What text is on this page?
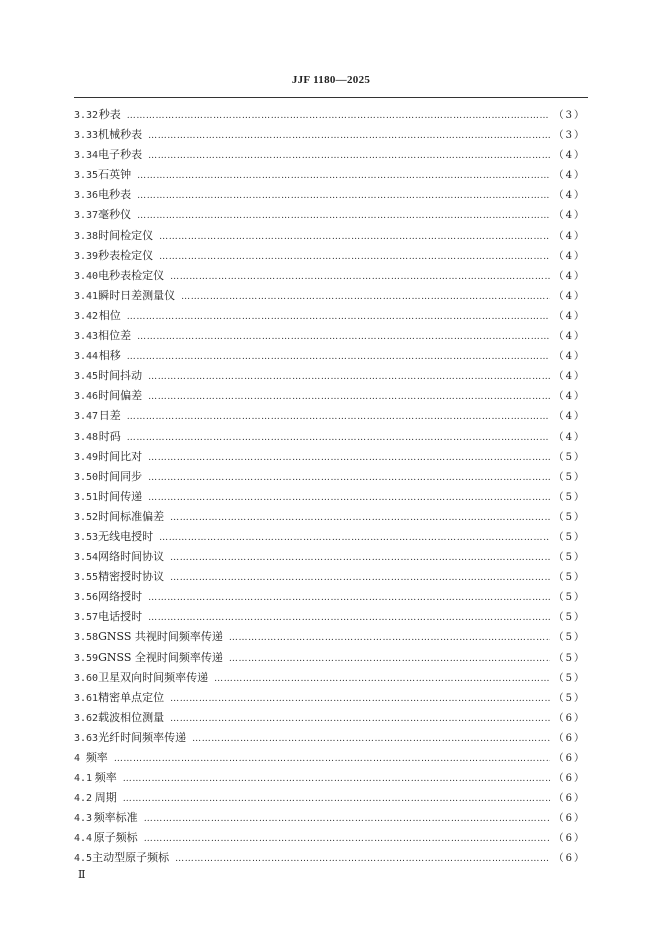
JJF 1180—2025
3.32 秒表 …………………………………………………………………………………………………………………………………………………………………………………………………	（3）
3.33 机械秒表 …………………………………………………………………………………………………………………………………………………………………………………………………	（3）
3.34 电子秒表 …………………………………………………………………………………………………………………………………………………………………………………………………	（4）
3.35 石英钟 …………………………………………………………………………………………………………………………………………………………………………………………………	（4）
3.36 电秒表 …………………………………………………………………………………………………………………………………………………………………………………………………	（4）
3.37 毫秒仪 …………………………………………………………………………………………………………………………………………………………………………………………………	（4）
3.38 时间检定仪 …………………………………………………………………………………………………………………………………………………………………………………………………	（4）
3.39 秒表检定仪 …………………………………………………………………………………………………………………………………………………………………………………………………	（4）
3.40 电秒表检定仪 …………………………………………………………………………………………………………………………………………………………………………………………………	（4）
3.41 瞬时日差测量仪 …………………………………………………………………………………………………………………………………………………………………………………………………	（4）
3.42 相位 …………………………………………………………………………………………………………………………………………………………………………………………………	（4）
3.43 相位差 …………………………………………………………………………………………………………………………………………………………………………………………………	（4）
3.44 相移 …………………………………………………………………………………………………………………………………………………………………………………………………	（4）
3.45 时间抖动 …………………………………………………………………………………………………………………………………………………………………………………………………	（4）
3.46 时间偏差 …………………………………………………………………………………………………………………………………………………………………………………………………	（4）
3.47 日差 …………………………………………………………………………………………………………………………………………………………………………………………………	（4）
3.48 时码 …………………………………………………………………………………………………………………………………………………………………………………………………	（4）
3.49 时间比对 …………………………………………………………………………………………………………………………………………………………………………………………………	（5）
3.50 时间同步 …………………………………………………………………………………………………………………………………………………………………………………………………	（5）
3.51 时间传递 …………………………………………………………………………………………………………………………………………………………………………………………………	（5）
3.52 时间标准偏差 …………………………………………………………………………………………………………………………………………………………………………………………………	（5）
3.53 无线电授时 …………………………………………………………………………………………………………………………………………………………………………………………………	（5）
3.54 网络时间协议 …………………………………………………………………………………………………………………………………………………………………………………………………	（5）
3.55 精密授时协议 …………………………………………………………………………………………………………………………………………………………………………………………………	（5）
3.56 网络授时 …………………………………………………………………………………………………………………………………………………………………………………………………	（5）
3.57 电话授时 …………………………………………………………………………………………………………………………………………………………………………………………………	（5）
3.58 GNSS 共视时间频率传递 …………………………………………………………………………………………………………………………………………………………………………………………………	（5）
3.59 GNSS 全视时间频率传递 …………………………………………………………………………………………………………………………………………………………………………………………………	（5）
3.60 卫星双向时间频率传递 …………………………………………………………………………………………………………………………………………………………………………………………………	（5）
3.61 精密单点定位 …………………………………………………………………………………………………………………………………………………………………………………………………	（5）
3.62 载波相位测量 …………………………………………………………………………………………………………………………………………………………………………………………………	（6）
3.63 光纤时间频率传递 …………………………………………………………………………………………………………………………………………………………………………………………………	（6）
4 频率 …………………………………………………………………………………………………………………………………………………………………………………………………	（6）
4.1 频率 …………………………………………………………………………………………………………………………………………………………………………………………………	（6）
4.2 周期 …………………………………………………………………………………………………………………………………………………………………………………………………	（6）
4.3 频率标准 …………………………………………………………………………………………………………………………………………………………………………………………………	（6）
4.4 原子频标 …………………………………………………………………………………………………………………………………………………………………………………………………	（6）
4.5 主动型原子频标 …………………………………………………………………………………………………………………………………………………………………………………………………	（6）
Ⅱ
